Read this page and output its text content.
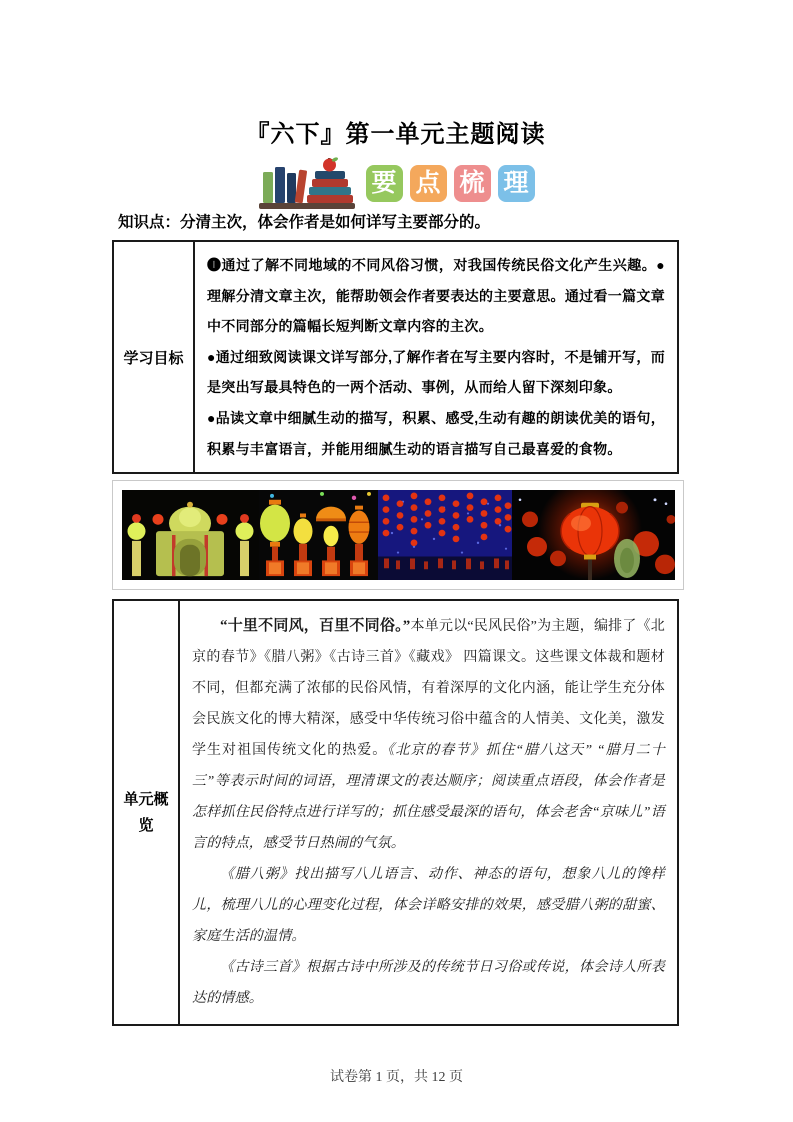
『六下』第一单元主题阅读
要 点 梳 理
知识点：分清主次，体会作者是如何详写主要部分的。
学习目标

❶通过了解不同地域的不同风俗习惯，对我国传统民俗文化产生兴趣。●理解分清文章主次，能帮助领会作者要表达的主要意思。通过看一篇文章中不同部分的篇幅长短判断文章内容的主次。

●通过细致阅读课文详写部分,了解作者在写主要内容时，不是铺开写，而是突出写最具特色的一两个活动、事例，从而给人留下深刻印象。

●品读文章中细腻生动的描写，积累、感受,生动有趣的朗读优美的语句，积累与丰富语言，并能用细腻生动的语言描写自己最喜爱的食物。

单元概览

“十里不同风，百里不同俗。”本单元以“民风民俗”为主题，编排了《北京的春节》《腊八粥》《古诗三首》《藏戏》 四篇课文。这些课文体裁和题材不同，但都充满了浓郁的民俗风情，有着深厚的文化内涵，能让学生充分体会民族文化的博大精深，感受中华传统习俗中蕴含的人情美、文化美，激发学生对祖国传统文化的热爱。《北京的春节》抓住“腊八这天” “腊月二十三”等表示时间的词语，理清课文的表达顺序；阅读重点语段，体会作者是怎样抓住民俗特点进行详写的；抓住感受最深的语句，体会老舍“京味儿”语言的特点，感受节日热闹的气氛。

《腊八粥》找出描写八儿语言、动作、神态的语句，想象八儿的馋样儿，梳理八儿的心理变化过程，体会详略安排的效果，感受腊八粥的甜蜜、家庭生活的温情。

《古诗三首》根据古诗中所涉及的传统节日习俗或传说，体会诗人所表达的情感。

试卷第 1 页，共 12 页
